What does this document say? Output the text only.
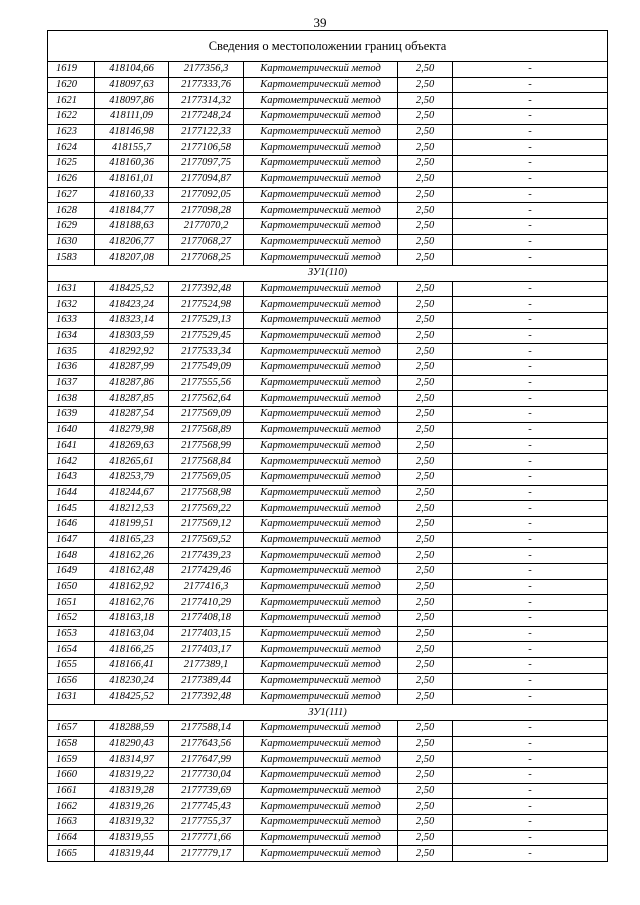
39
Сведения о местоположении границ объекта					
1619	418104,66	2177356,3	Картометрический метод	2,50	-
1620	418097,63	2177333,76	Картометрический метод	2,50	-
1621	418097,86	2177314,32	Картометрический метод	2,50	-
1622	418111,09	2177248,24	Картометрический метод	2,50	-
1623	418146,98	2177122,33	Картометрический метод	2,50	-
1624	418155,7	2177106,58	Картометрический метод	2,50	-
1625	418160,36	2177097,75	Картометрический метод	2,50	-
1626	418161,01	2177094,87	Картометрический метод	2,50	-
1627	418160,33	2177092,05	Картометрический метод	2,50	-
1628	418184,77	2177098,28	Картометрический метод	2,50	-
1629	418188,63	2177070,2	Картометрический метод	2,50	-
1630	418206,77	2177068,27	Картометрический метод	2,50	-
1583	418207,08	2177068,25	Картометрический метод	2,50	-
ЗУ1(110)					
1631	418425,52	2177392,48	Картометрический метод	2,50	-
1632	418423,24	2177524,98	Картометрический метод	2,50	-
1633	418323,14	2177529,13	Картометрический метод	2,50	-
1634	418303,59	2177529,45	Картометрический метод	2,50	-
1635	418292,92	2177533,34	Картометрический метод	2,50	-
1636	418287,99	2177549,09	Картометрический метод	2,50	-
1637	418287,86	2177555,56	Картометрический метод	2,50	-
1638	418287,85	2177562,64	Картометрический метод	2,50	-
1639	418287,54	2177569,09	Картометрический метод	2,50	-
1640	418279,98	2177568,89	Картометрический метод	2,50	-
1641	418269,63	2177568,99	Картометрический метод	2,50	-
1642	418265,61	2177568,84	Картометрический метод	2,50	-
1643	418253,79	2177569,05	Картометрический метод	2,50	-
1644	418244,67	2177568,98	Картометрический метод	2,50	-
1645	418212,53	2177569,22	Картометрический метод	2,50	-
1646	418199,51	2177569,12	Картометрический метод	2,50	-
1647	418165,23	2177569,52	Картометрический метод	2,50	-
1648	418162,26	2177439,23	Картометрический метод	2,50	-
1649	418162,48	2177429,46	Картометрический метод	2,50	-
1650	418162,92	2177416,3	Картометрический метод	2,50	-
1651	418162,76	2177410,29	Картометрический метод	2,50	-
1652	418163,18	2177408,18	Картометрический метод	2,50	-
1653	418163,04	2177403,15	Картометрический метод	2,50	-
1654	418166,25	2177403,17	Картометрический метод	2,50	-
1655	418166,41	2177389,1	Картометрический метод	2,50	-
1656	418230,24	2177389,44	Картометрический метод	2,50	-
1631	418425,52	2177392,48	Картометрический метод	2,50	-
ЗУ1(111)					
1657	418288,59	2177588,14	Картометрический метод	2,50	-
1658	418290,43	2177643,56	Картометрический метод	2,50	-
1659	418314,97	2177647,99	Картометрический метод	2,50	-
1660	418319,22	2177730,04	Картометрический метод	2,50	-
1661	418319,28	2177739,69	Картометрический метод	2,50	-
1662	418319,26	2177745,43	Картометрический метод	2,50	-
1663	418319,32	2177755,37	Картометрический метод	2,50	-
1664	418319,55	2177771,66	Картометрический метод	2,50	-
1665	418319,44	2177779,17	Картометрический метод	2,50	-
